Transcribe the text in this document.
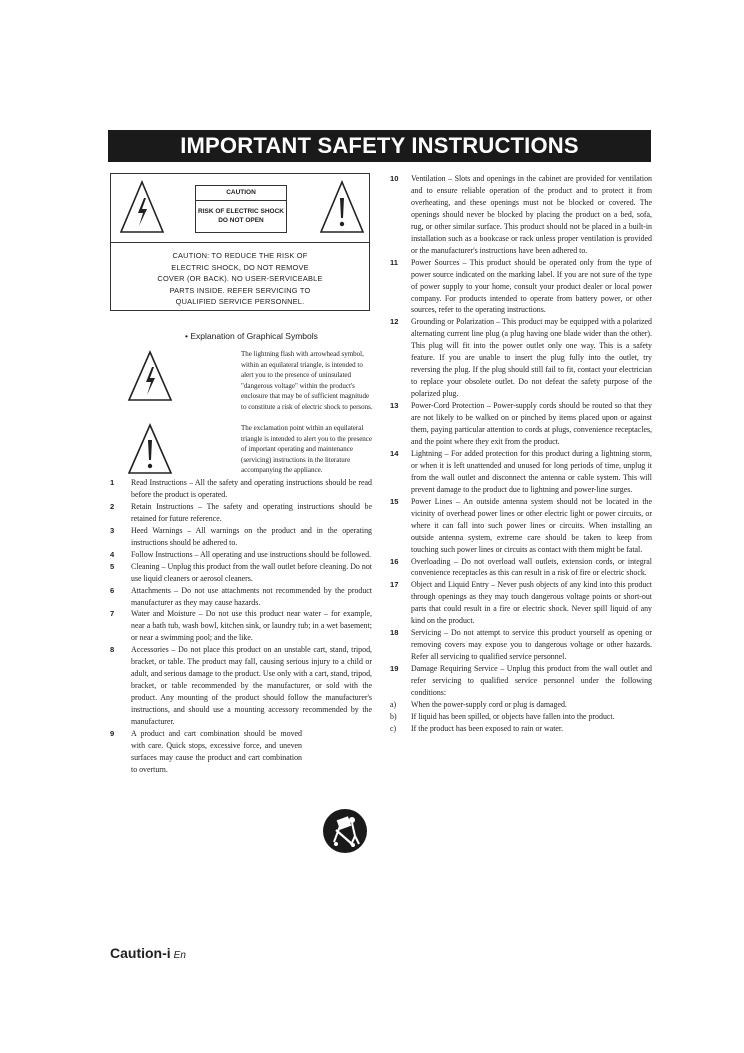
IMPORTANT SAFETY INSTRUCTIONS
CAUTION
RISK OF ELECTRIC SHOCK
DO NOT OPEN
CAUTION: TO REDUCE THE RISK OF
ELECTRIC SHOCK, DO NOT REMOVE
COVER (OR BACK). NO USER-SERVICEABLE
PARTS INSIDE. REFER SERVICING TO
QUALIFIED SERVICE PERSONNEL.
• Explanation of Graphical Symbols
The lightning flash with arrowhead symbol, within an equilateral triangle, is intended to alert you to the presence of uninsulated "dangerous voltage" within the product's enclosure that may be of sufficient magnitude to constitute a risk of electric shock to persons.
The exclamation point within an equilateral triangle is intended to alert you to the presence of important operating and maintenance (servicing) instructions in the literature accompanying the appliance.
1	Read Instructions – All the safety and operating instructions should be read before the product is operated.
2	Retain Instructions – The safety and operating instructions should be retained for future reference.
3	Heed Warnings – All warnings on the product and in the operating instructions should be adhered to.
4	Follow Instructions – All operating and use instructions should be followed.
5	Cleaning – Unplug this product from the wall outlet before cleaning. Do not use liquid cleaners or aerosol cleaners.
6	Attachments – Do not use attachments not recommended by the product manufacturer as they may cause hazards.
7	Water and Moisture – Do not use this product near water – for example, near a bath tub, wash bowl, kitchen sink, or laundry tub; in a wet basement; or near a swimming pool; and the like.
8	Accessories – Do not place this product on an unstable cart, stand, tripod, bracket, or table. The product may fall, causing serious injury to a child or adult, and serious damage to the product. Use only with a cart, stand, tripod, bracket, or table recommended by the manufacturer, or sold with the product. Any mounting of the product should follow the manufacturer's instructions, and should use a mounting accessory recommended by the manufacturer.
9	A product and cart combination should be moved with care. Quick stops, excessive force, and uneven surfaces may cause the product and cart combination to overturn.
10	Ventilation – Slots and openings in the cabinet are provided for ventilation and to ensure reliable operation of the product and to protect it from overheating, and these openings must not be blocked or covered. The openings should never be blocked by placing the product on a bed, sofa, rug, or other similar surface. This product should not be placed in a built-in installation such as a bookcase or rack unless proper ventilation is provided or the manufacturer's instructions have been adhered to.
11	Power Sources – This product should be operated only from the type of power source indicated on the marking label. If you are not sure of the type of power supply to your home, consult your product dealer or local power company. For products intended to operate from battery power, or other sources, refer to the operating instructions.
12	Grounding or Polarization – This product may be equipped with a polarized alternating current line plug (a plug having one blade wider than the other). This plug will fit into the power outlet only one way. This is a safety feature. If you are unable to insert the plug fully into the outlet, try reversing the plug. If the plug should still fail to fit, contact your electrician to replace your obsolete outlet. Do not defeat the safety purpose of the polarized plug.
13	Power-Cord Protection – Power-supply cords should be routed so that they are not likely to be walked on or pinched by items placed upon or against them, paying particular attention to cords at plugs, convenience receptacles, and the point where they exit from the product.
14	Lightning – For added protection for this product during a lightning storm, or when it is left unattended and unused for long periods of time, unplug it from the wall outlet and disconnect the antenna or cable system. This will prevent damage to the product due to lightning and power-line surges.
15	Power Lines – An outside antenna system should not be located in the vicinity of overhead power lines or other electric light or power circuits, or where it can fall into such power lines or circuits. When installing an outside antenna system, extreme care should be taken to keep from touching such power lines or circuits as contact with them might be fatal.
16	Overloading – Do not overload wall outlets, extension cords, or integral convenience receptacles as this can result in a risk of fire or electric shock.
17	Object and Liquid Entry – Never push objects of any kind into this product through openings as they may touch dangerous voltage points or short-out parts that could result in a fire or electric shock. Never spill liquid of any kind on the product.
18	Servicing – Do not attempt to service this product yourself as opening or removing covers may expose you to dangerous voltage or other hazards. Refer all servicing to qualified service personnel.
19	Damage Requiring Service – Unplug this product from the wall outlet and refer servicing to qualified service personnel under the following conditions:
a)	When the power-supply cord or plug is damaged.
b)	If liquid has been spilled, or objects have fallen into the product.
c)	If the product has been exposed to rain or water.
Caution-i En
